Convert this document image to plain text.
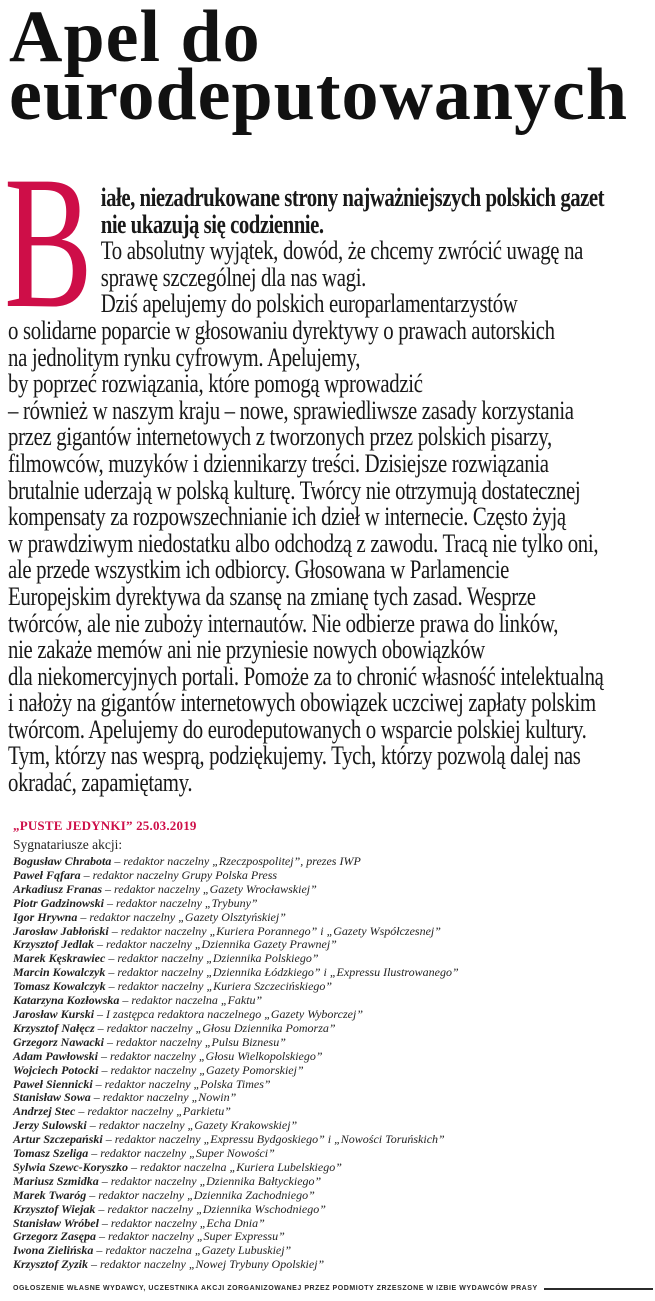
Apel do
eurodeputowanych
B iałe, niezadrukowane strony najważniejszych polskich gazet
nie ukazują się codziennie.
To absolutny wyjątek, dowód, że chcemy zwrócić uwagę na
sprawę szczególnej dla nas wagi.
Dziś apelujemy do polskich europarlamentarzystów
o solidarne poparcie w głosowaniu dyrektywy o prawach autorskich
na jednolitym rynku cyfrowym. Apelujemy,
by poprzeć rozwiązania, które pomogą wprowadzić
– również w naszym kraju – nowe, sprawiedliwsze zasady korzystania
przez gigantów internetowych z tworzonych przez polskich pisarzy,
filmowców, muzyków i dziennikarzy treści. Dzisiejsze rozwiązania
brutalnie uderzają w polską kulturę. Twórcy nie otrzymują dostatecznej
kompensaty za rozpowszechnianie ich dzieł w internecie. Często żyją
w prawdziwym niedostatku albo odchodzą z zawodu. Tracą nie tylko oni,
ale przede wszystkim ich odbiorcy. Głosowana w Parlamencie
Europejskim dyrektywa da szansę na zmianę tych zasad. Wesprze
twórców, ale nie zuboży internautów. Nie odbierze prawa do linków,
nie zakaże memów ani nie przyniesie nowych obowiązków
dla niekomercyjnych portali. Pomoże za to chronić własność intelektualną
i nałoży na gigantów internetowych obowiązek uczciwej zapłaty polskim
twórcom. Apelujemy do eurodeputowanych o wsparcie polskiej kultury.
Tym, którzy nas wesprą, podziękujemy. Tych, którzy pozwolą dalej nas
okradać, zapamiętamy.
„PUSTE JEDYNKI” 25.03.2019
Sygnatariusze akcji:
Bogusław Chrabota – redaktor naczelny „Rzeczpospolitej”, prezes IWP
Paweł Fąfara – redaktor naczelny Grupy Polska Press
Arkadiusz Franas – redaktor naczelny „Gazety Wrocławskiej”
Piotr Gadzinowski – redaktor naczelny „Trybuny”
Igor Hrywna – redaktor naczelny „Gazety Olsztyńskiej”
Jarosław Jabłoński – redaktor naczelny „Kuriera Porannego” i „Gazety Współczesnej”
Krzysztof Jedlak – redaktor naczelny „Dziennika Gazety Prawnej”
Marek Kęskrawiec – redaktor naczelny „Dziennika Polskiego”
Marcin Kowalczyk – redaktor naczelny „Dziennika Łódzkiego” i „Expressu Ilustrowanego”
Tomasz Kowalczyk – redaktor naczelny „Kuriera Szczecińskiego”
Katarzyna Kozłowska – redaktor naczelna „Faktu”
Jarosław Kurski – I zastępca redaktora naczelnego „Gazety Wyborczej”
Krzysztof Nałęcz – redaktor naczelny „Głosu Dziennika Pomorza”
Grzegorz Nawacki – redaktor naczelny „Pulsu Biznesu”
Adam Pawłowski – redaktor naczelny „Głosu Wielkopolskiego”
Wojciech Potocki – redaktor naczelny „Gazety Pomorskiej”
Paweł Siennicki – redaktor naczelny „Polska Times”
Stanisław Sowa – redaktor naczelny „Nowin”
Andrzej Stec – redaktor naczelny „Parkietu”
Jerzy Sulowski – redaktor naczelny „Gazety Krakowskiej”
Artur Szczepański – redaktor naczelny „Expressu Bydgoskiego” i „Nowości Toruńskich”
Tomasz Szeliga – redaktor naczelny „Super Nowości”
Sylwia Szewc-Koryszko – redaktor naczelna „Kuriera Lubelskiego”
Mariusz Szmidka – redaktor naczelny „Dziennika Bałtyckiego”
Marek Twaróg – redaktor naczelny „Dziennika Zachodniego”
Krzysztof Wiejak – redaktor naczelny „Dziennika Wschodniego”
Stanisław Wróbel – redaktor naczelny „Echa Dnia”
Grzegorz Zasępa – redaktor naczelny „Super Expressu”
Iwona Zielińska – redaktor naczelna „Gazety Lubuskiej”
Krzysztof Zyzik – redaktor naczelny „Nowej Trybuny Opolskiej”
OGŁOSZENIE WŁASNE WYDAWCY, UCZESTNIKA AKCJI ZORGANIZOWANEJ PRZEZ PODMIOTY ZRZESZONE W IZBIE WYDAWCÓW PRASY
